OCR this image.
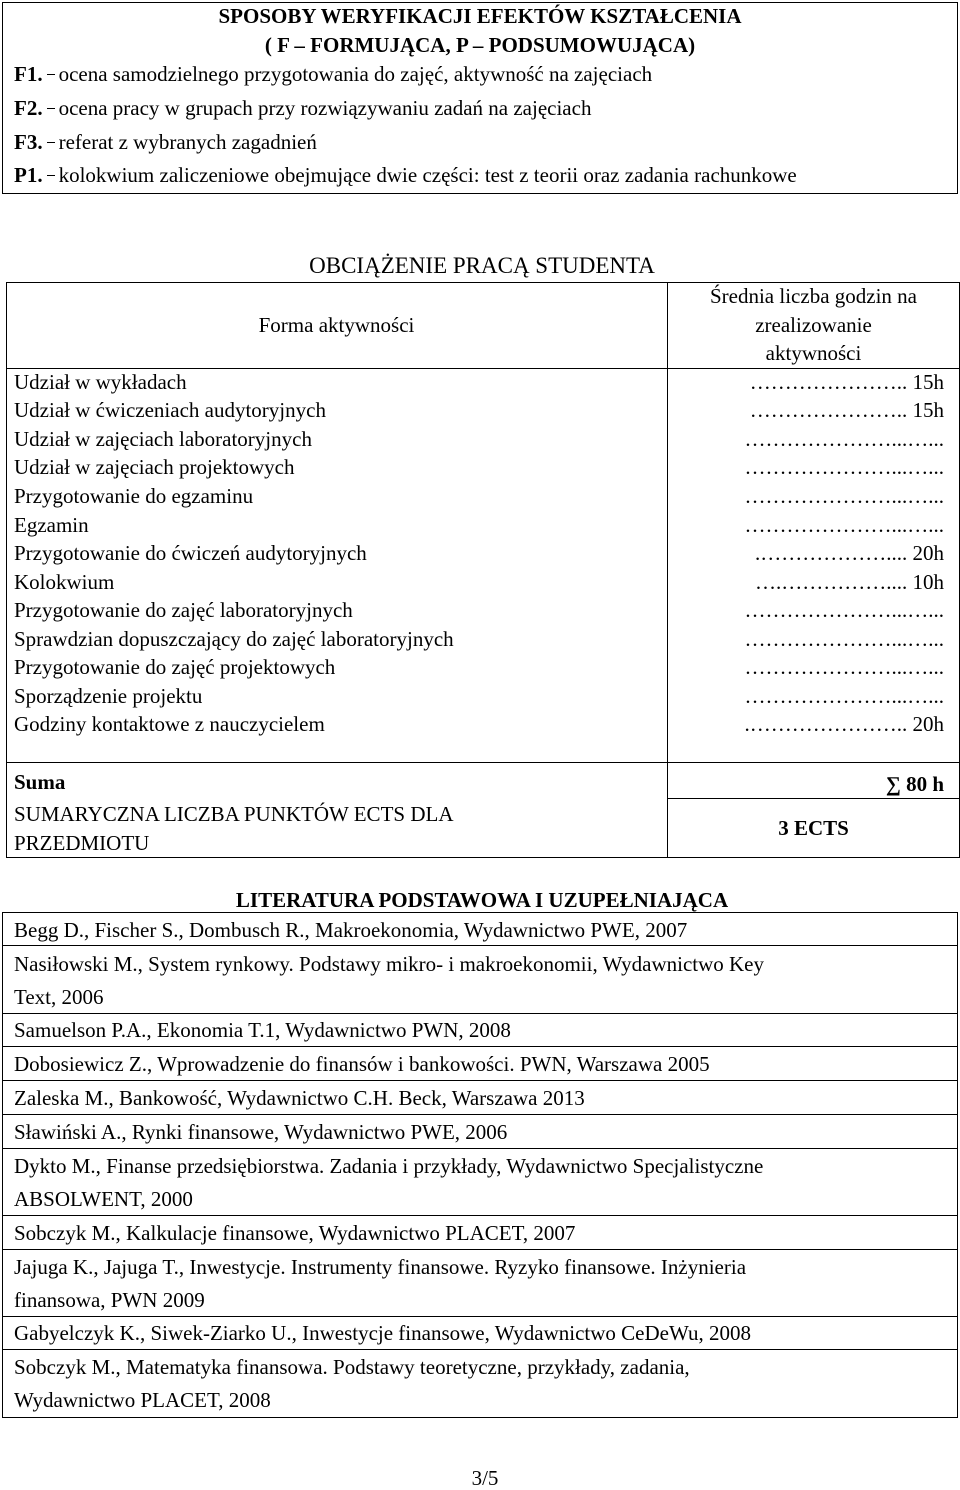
SPOSOBY WERYFIKACJI EFEKTÓW KSZTAŁCENIA
( F – FORMUJĄCA, P – PODSUMOWUJĄCA)
F1. ocena samodzielnego przygotowania do zajęć, aktywność na zajęciach
F2. ocena pracy w grupach przy rozwiązywaniu zadań na zajęciach
F3. referat z wybranych zagadnień
P1. kolokwium zaliczeniowe obejmujące dwie części: test z teorii oraz zadania rachunkowe
OBCIĄŻENIE PRACĄ STUDENTA
Forma aktywności
Średnia liczba godzin na
zrealizowanie
aktywności
Udział w wykładach	………………….. 15h
Udział w ćwiczeniach audytoryjnych	………………….. 15h
Udział w zajęciach laboratoryjnych	…………………...…...
Udział w zajęciach projektowych	…………………...…...
Przygotowanie do egzaminu	…………………...…...
Egzamin	…………………...…...
Przygotowanie do ćwiczeń audytoryjnych	.……………….... 20h
Kolokwium	….…………….... 10h
Przygotowanie do zajęć laboratoryjnych	…………………...…...
Sprawdzian dopuszczający do zajęć laboratoryjnych	…………………...…...
Przygotowanie do zajęć projektowych	…………………...…...
Sporządzenie projektu	…………………...…...
Godziny kontaktowe z nauczycielem	.………………….. 20h
Suma	∑ 80 h
SUMARYCZNA LICZBA PUNKTÓW ECTS DLA
PRZEDMIOTU
3 ECTS
LITERATURA PODSTAWOWA I UZUPEŁNIAJĄCA
Begg D., Fischer S., Dombusch R., Makroekonomia, Wydawnictwo PWE, 2007
Nasiłowski M., System rynkowy. Podstawy mikro- i makroekonomii, Wydawnictwo Key
Text, 2006
Samuelson P.A., Ekonomia T.1, Wydawnictwo PWN, 2008
Dobosiewicz Z., Wprowadzenie do finansów i bankowości. PWN, Warszawa 2005
Zaleska M., Bankowość, Wydawnictwo C.H. Beck, Warszawa 2013
Sławiński A., Rynki finansowe, Wydawnictwo PWE, 2006
Dykto M., Finanse przedsiębiorstwa. Zadania i przykłady, Wydawnictwo Specjalistyczne
ABSOLWENT, 2000
Sobczyk M., Kalkulacje finansowe, Wydawnictwo PLACET, 2007
Jajuga K., Jajuga T., Inwestycje. Instrumenty finansowe. Ryzyko finansowe. Inżynieria
finansowa, PWN 2009
Gabyelczyk K., Siwek-Ziarko U., Inwestycje finansowe, Wydawnictwo CeDeWu, 2008
Sobczyk M., Matematyka finansowa. Podstawy teoretyczne, przykłady, zadania,
Wydawnictwo PLACET, 2008
3/5
